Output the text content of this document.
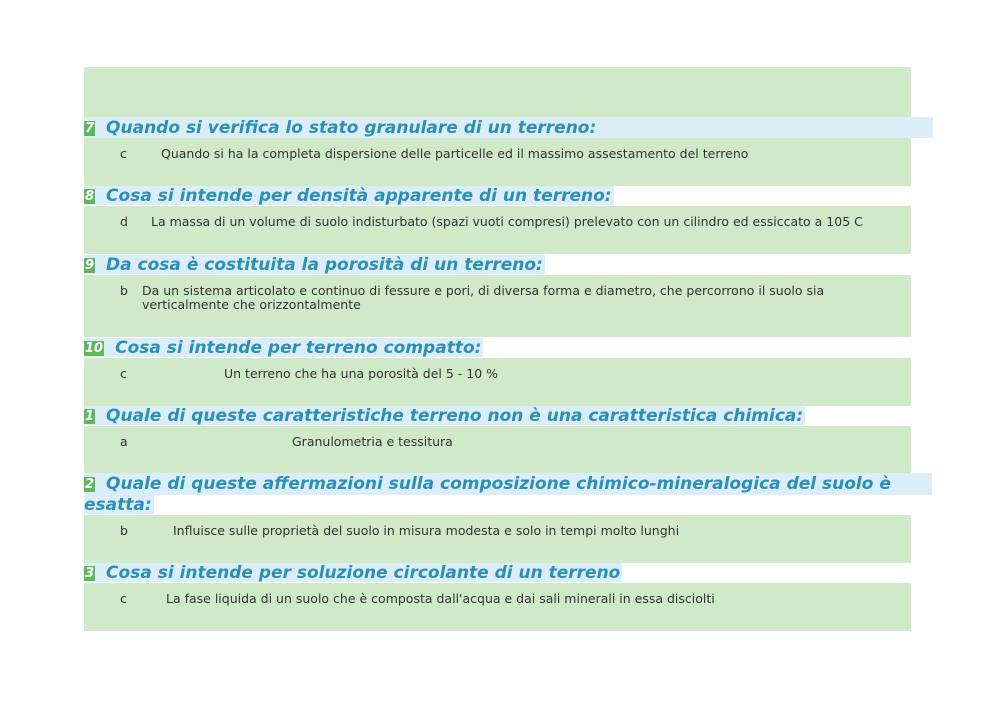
7 Quando si verifica lo stato granulare di un terreno:
c	Quando si ha la completa dispersione delle particelle ed il massimo assestamento del terreno
8 Cosa si intende per densità apparente di un terreno:
d La massa di un volume di suolo indisturbato (spazi vuoti compresi) prelevato con un cilindro ed essiccato a 105 C
9 Da cosa è costituita la porosità di un terreno:
b Da un sistema articolato e continuo di fessure e pori, di diversa forma e diametro, che percorrono il suolo sia verticalmente che orizzontalmente
10 Cosa si intende per terreno compatto:
c	Un terreno che ha una porosità del 5 - 10 %
1 Quale di queste caratteristiche terreno non è una caratteristica chimica:
a	Granulometria e tessitura
2 Quale di queste affermazioni sulla composizione chimico-mineralogica del suolo è
esatta:
b	Influisce sulle proprietà del suolo in misura modesta e solo in tempi molto lunghi
3 Cosa si intende per soluzione circolante di un terreno
c	La fase liquida di un suolo che è composta dall'acqua e dai sali minerali in essa disciolti
